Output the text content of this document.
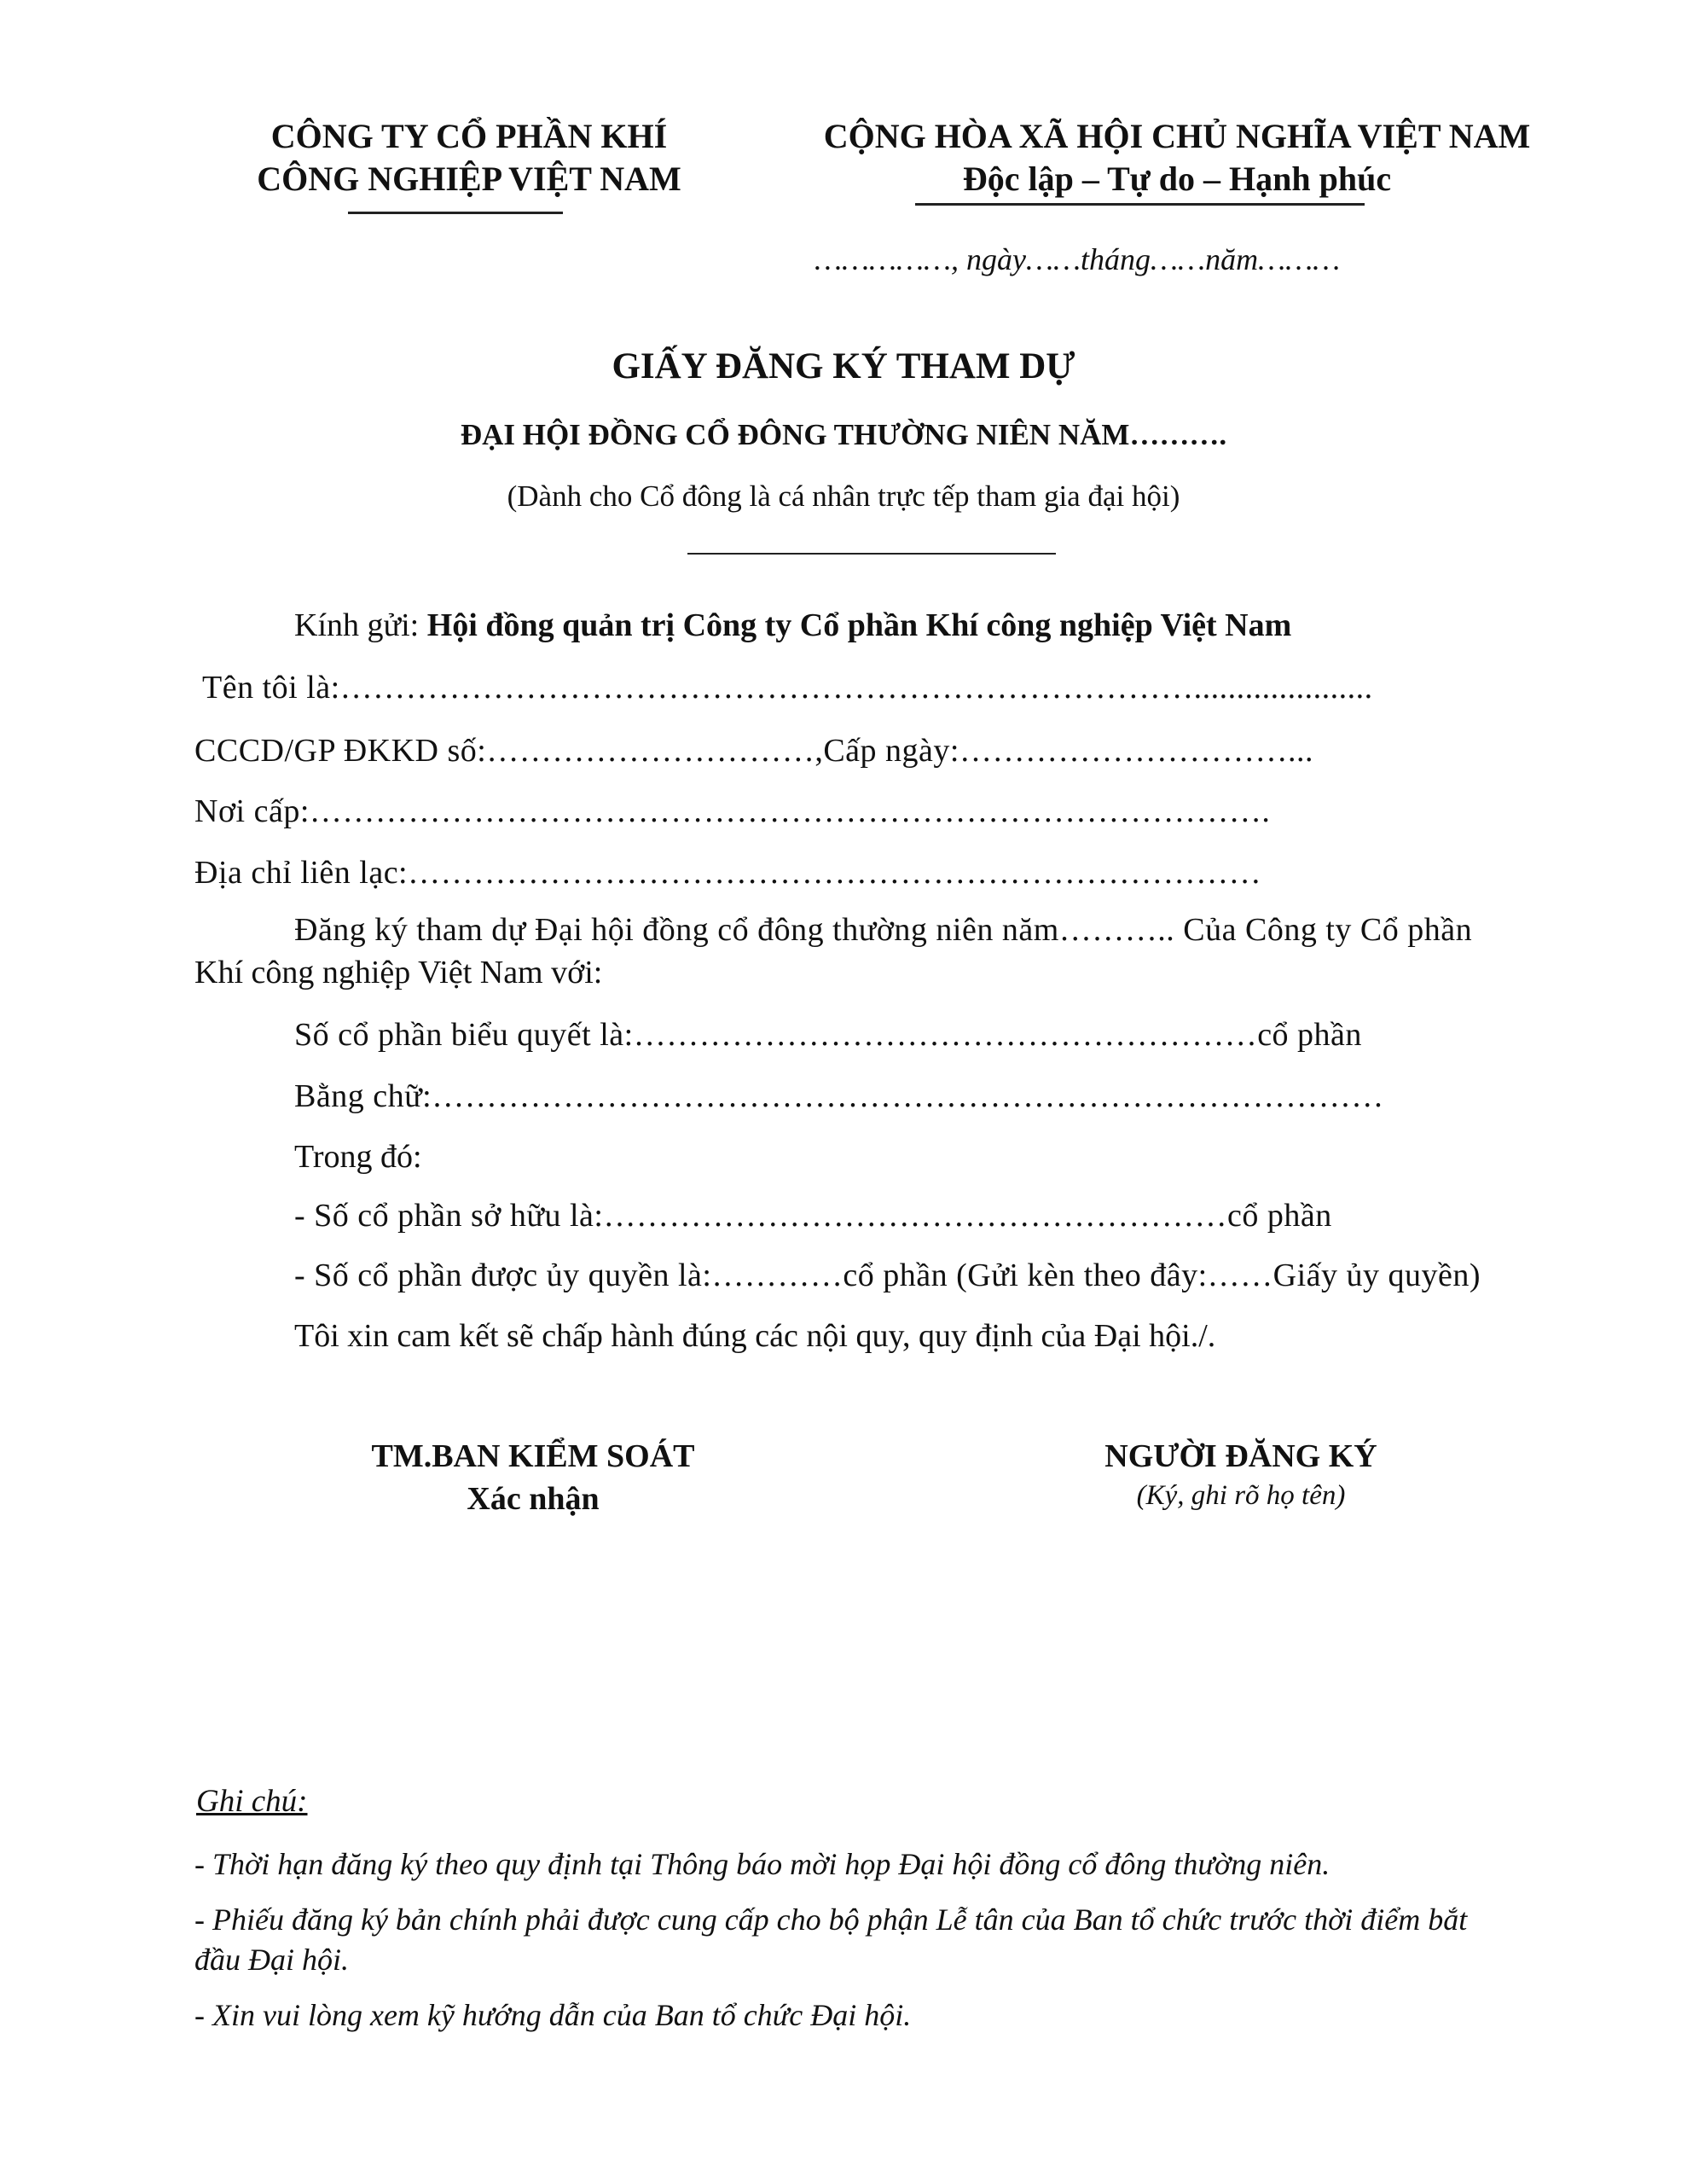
CÔNG TY CỔ PHẦN KHÍ
CÔNG NGHIỆP VIỆT NAM
CỘNG HÒA XÃ HỘI CHỦ NGHĨA VIỆT NAM
Độc lập – Tự do – Hạnh phúc
……………, ngày……tháng……năm………
GIẤY ĐĂNG KÝ THAM DỰ
ĐẠI HỘI ĐỒNG CỔ ĐÔNG THƯỜNG NIÊN NĂM……….
(Dành cho Cổ đông là cá nhân trực tếp tham gia đại hội)
Kính gửi: Hội đồng quản trị Công ty Cổ phần Khí công nghiệp Việt Nam
Tên tôi là:…………………………………………………………………….....................
CCCD/GP ĐKKD số:…………………………,Cấp ngày:…………………………...
Nơi cấp:…………………………………………………………………………….
Địa chỉ liên lạc:……………………………………………………………………
Đăng ký tham dự Đại hội đồng cổ đông thường niên năm……….. Của Công ty Cổ phần
Khí công nghiệp Việt Nam với:
Số cổ phần biểu quyết là:…………………………………………………cổ phần
Bằng chữ:……………………………………………………………………………
Trong đó:
- Số cổ phần sở hữu là:…………………………………………………cổ phần
- Số cổ phần được ủy quyền là:…………cổ phần (Gửi kèn theo đây:……Giấy ủy quyền)
Tôi xin cam kết sẽ chấp hành đúng các nội quy, quy định của Đại hội./.
TM.BAN KIỂM SOÁT
Xác nhận
NGƯỜI ĐĂNG KÝ
(Ký, ghi rõ họ tên)
Ghi chú:
- Thời hạn đăng ký theo quy định tại Thông báo mời họp Đại hội đồng cổ đông thường niên.
- Phiếu đăng ký bản chính phải được cung cấp cho bộ phận Lễ tân của Ban tổ chức trước thời điểm bắt
đầu Đại hội.
- Xin vui lòng xem kỹ hướng dẫn của Ban tổ chức Đại hội.
